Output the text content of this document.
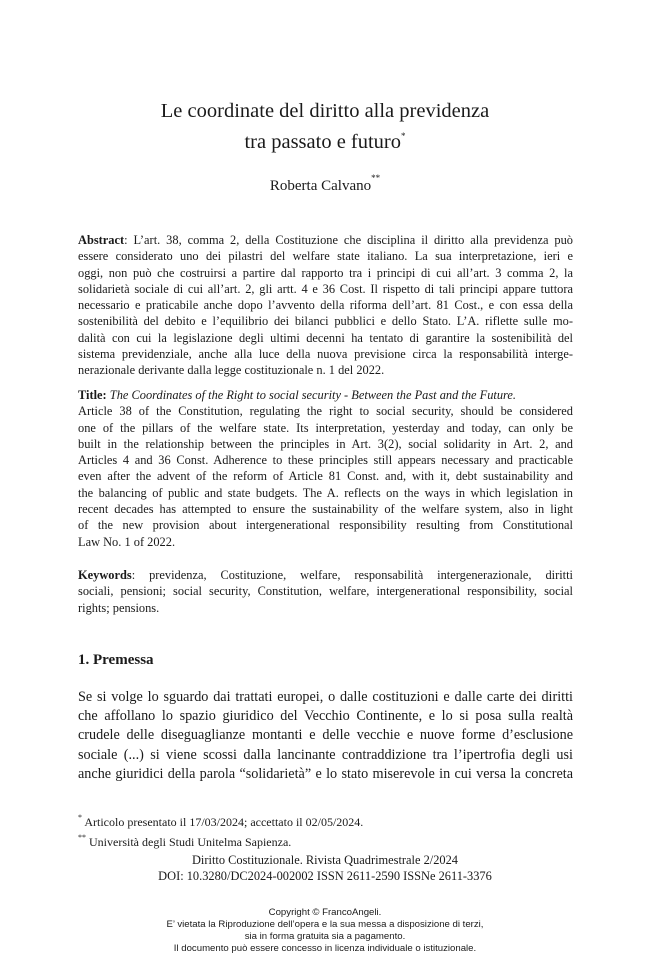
Le coordinate del diritto alla previdenza
tra passato e futuro*
Roberta Calvano**
Abstract: L’art. 38, comma 2, della Costituzione che disciplina il diritto alla previdenza può
essere considerato uno dei pilastri del welfare state italiano. La sua interpretazione, ieri e
oggi, non può che costruirsi a partire dal rapporto tra i principi di cui all’art. 3 comma 2, la
solidarietà sociale di cui all’art. 2, gli artt. 4 e 36 Cost. Il rispetto di tali principi appare tuttora
necessario e praticabile anche dopo l’avvento della riforma dell’art. 81 Cost., e con essa della
sostenibilità del debito e l’equilibrio dei bilanci pubblici e dello Stato. L’A. riflette sulle mo-
dalità con cui la legislazione degli ultimi decenni ha tentato di garantire la sostenibilità del
sistema previdenziale, anche alla luce della nuova previsione circa la responsabilità interge-
nerazionale derivante dalla legge costituzionale n. 1 del 2022.
Title: The Coordinates of the Right to social security - Between the Past and the Future.
Article 38 of the Constitution, regulating the right to social security, should be considered
one of the pillars of the welfare state. Its interpretation, yesterday and today, can only be
built in the relationship between the principles in Art. 3(2), social solidarity in Art. 2, and
Articles 4 and 36 Const. Adherence to these principles still appears necessary and practicable
even after the advent of the reform of Article 81 Const. and, with it, debt sustainability and
the balancing of public and state budgets. The A. reflects on the ways in which legislation in
recent decades has attempted to ensure the sustainability of the welfare system, also in light
of the new provision about intergenerational responsibility resulting from Constitutional
Law No. 1 of 2022.
Keywords: previdenza, Costituzione, welfare, responsabilità intergenerazionale, diritti
sociali, pensioni; social security, Constitution, welfare, intergenerational responsibility, social
rights; pensions.
1. Premessa
Se si volge lo sguardo dai trattati europei, o dalle costituzioni e dalle carte dei diritti
che affollano lo spazio giuridico del Vecchio Continente, e lo si posa sulla realtà
crudele delle diseguaglianze montanti e delle vecchie e nuove forme d’esclusione
sociale (...) si viene scossi dalla lancinante contraddizione tra l’ipertrofia degli usi
anche giuridici della parola “solidarietà” e lo stato miserevole in cui versa la concreta
* Articolo presentato il 17/03/2024; accettato il 02/05/2024.
** Università degli Studi Unitelma Sapienza.
Diritto Costituzionale. Rivista Quadrimestrale 2/2024
DOI: 10.3280/DC2024-002002 ISSN 2611-2590 ISSNe 2611-3376
Copyright © FrancoAngeli.
E’ vietata la Riproduzione dell’opera e la sua messa a disposizione di terzi,
sia in forma gratuita sia a pagamento.
Il documento può essere concesso in licenza individuale o istituzionale.
